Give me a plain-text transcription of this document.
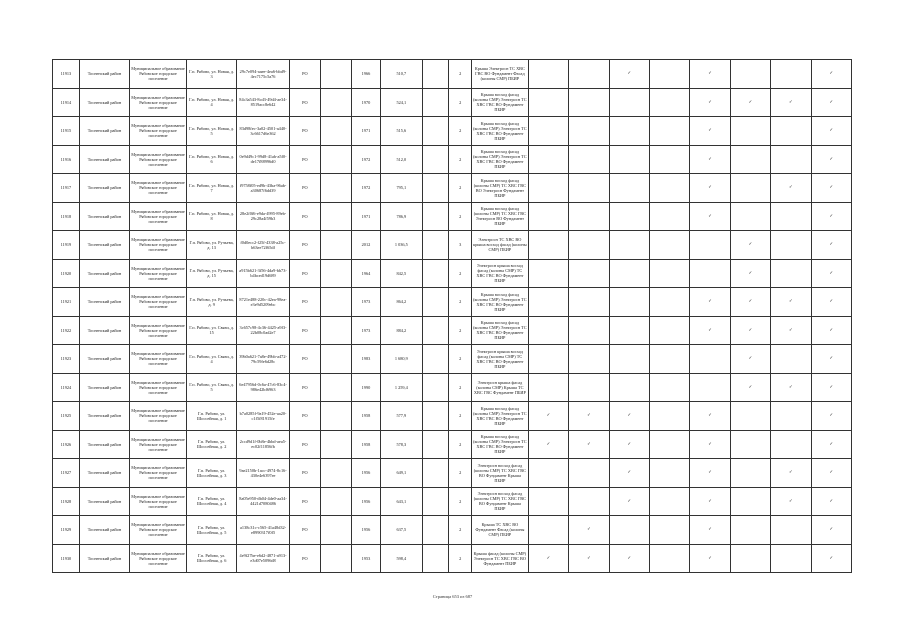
11913	Тосненский район	Муниципальное образование Рябовское городское поселение	Г.п. Рябово, ул. Новая, д. 3	29c7e094-aaee-4ea6-bbd9-4ec7175c5a76	РО		1966	510,7		2	Крыша Электросн ТС ХВС ГВС ВО Фундамент Фасад (колоны СМР) ПБИР			✓		✓			✓
11914	Тосненский район	Муниципальное образование Рябовское городское поселение	Г.п. Рябово, ул. Новая, д. 4	84c3a543-8cd3-49d4-ae34-8519acc8e642	РО		1970	524,1		2	Крыша восход фасад (колоны СМР) Электросн ТС ХВС ГВС ВО Фундамент ПБИР					✓	✓	✓	✓
11915	Тосненский район	Муниципальное образование Рябовское городское поселение	Г.п. Рябово, ул. Новая, д. 5	83d98fec-3a02-4501-a440-3c6617d6e362	РО		1971	515,6		2	Крыша восход фасад (колоны СМР) Электросн ТС ХВС ГВС ВО Фундамент ПБИР					✓			✓
11916	Тосненский район	Муниципальное образование Рябовское городское поселение	Г.п. Рябово, ул. Новая, д. 6	0e9d49c1-99d8-41ab-a5f0-de17f88996d0	РО		1972	512,0		2	Крыша восход фасад (колоны СМР) Электросн ТС ХВС ГВС ВО Фундамент ПБИР					✓			✓
11917	Тосненский район	Муниципальное образование Рябовское городское поселение	Г.п. Рябово, ул. Новая, д. 7	f9758f05-ed9b-43ba-96ab-a30687f6dd39	РО		1972	795,1		2	Крыша восход фасад (колоны СМР) ТС ХВС ГВС ВО Электросн Фундамент ПБИР					✓		✓	✓
11918	Тосненский район	Муниципальное образование Рябовское городское поселение	Г.п. Рябово, ул. Новая, д. 8	28e2f0f6-e9da-4995-89eb-29c28a4f59b3	РО		1971	786,9		2	Крыша восход фасад (колоны СМР) ТС ХВС ГВС Электросн ВО Фундамент ПБИР					✓			✓
11919	Тосненский район	Муниципальное образование Рябовское городское поселение	Г.п. Рябово, ул. Ручьева, д. 13	f0d0ecc2-f25f-4338-a25c-b63ee72f65df	РО		2012	1 036,5		3	Электросн ТС ХВС ВО крыша восход фасад (колоны СМР) ПБИР						✓		✓
11920	Тосненский район	Муниципальное образование Рябовское городское поселение	Г.п. Рябово, ул. Ручьева, д. 15	a915b621-3f56-4da9-bb73-b4bced19d689	РО		1964	842,5		2	Электросн крыша восход фасад (колоны СМР) ТС ХВС ГВС ВО Фундамент ПБИР						✓		✓
11921	Тосненский район	Муниципальное образование Рябовское городское поселение	Г.п. Рябово, ул. Ручьева, д. 9	8721e488-220c-42ea-98ea-e3e9d5209ebc	РО		1973	864,2		2	Крыша восход фасад (колоны СМР) Электросн ТС ХВС ГВС ВО Фундамент ПБИР					✓	✓	✓	✓
11922	Тосненский район	Муниципальное образование Рябовское городское поселение	Г.п. Рябово, ул. Связи, д. 15	3c657c98-4c36-4425-a9f3-22b08c0ad2e7	РО		1973	884,2		2	Крыша восход фасад (колоны СМР) Электросн ТС ХВС ГВС ВО Фундамент ПБИР					✓	✓	✓	✓
11923	Тосненский район	Муниципальное образование Рябовское городское поселение	Г.п. Рябово, ул. Связи, д. 4	39b0a621-7a8e-49bb-a472-79c59fe6d28c	РО		1983	1 680,9		2	Электросн крыша восход фасад (колоны СМР) ТС ХВС ГВС ВО Фундамент ПБИР						✓		✓
11924	Тосненский район	Муниципальное образование Рябовское городское поселение	Г.п. Рябово, ул. Связи, д. 5	6e47956d-0c6a-47c6-83c4-986e42bf6963	РО		1990	1 259,4		2	Электросн крыша фасад (колоны СМР) Крыша ТС ХВС ГВС Фундамент ПБИР						✓	✓	✓
11925	Тосненский район	Муниципальное образование Рябовское городское поселение	Г.п. Рябово, ул. Шоссейная, д. 1	b7a0285f-9a19-452e-aa20-c1f5f81915fe	РО		1958	577,9		2	Крыша восход фасад (колоны СМР) Электросн ТС ХВС ГВС ВО Фундамент ПБИР	✓	✓	✓		✓			✓
11926	Тосненский район	Муниципальное образование Рябовское городское поселение	Г.п. Рябово, ул. Шоссейная, д. 2	2ccd9d1f-0b8e-4bbd-aea5-ec02f11856fb	РО		1958	578,3		2	Крыша восход фасад (колоны СМР) Электросн ТС ХВС ГВС ВО Фундамент ПБИР	✓	✓	✓		✓			✓
11927	Тосненский район	Муниципальное образование Рябовское городское поселение	Г.п. Рябово, ул. Шоссейная, д. 3	9ae2150b-1acc-4974-8c16-430e4e6397ee	РО		1956	649,1		2	Электросн восход фасад (колоны СМР) ТС ХВС ГВС ВО Фундамент Крыша ПБИР			✓		✓		✓	✓
11928	Тосненский район	Муниципальное образование Рябовское городское поселение	Г.п. Рябово, ул. Шоссейная, д. 4	8a05e950-db04-4de0-aa34-4421d7080486	РО		1956	643,1		2	Электросн восход фасад (колоны СМР) ТС ХВС ГВС ВО Фундамент Крыша ПБИР			✓		✓		✓	✓
11929	Тосненский район	Муниципальное образование Рябовское городское поселение	Г.п. Рябово, ул. Шоссейная, д. 5	a138c31c-c565-41a48d32-e8990317f0f5	РО		1956	637,5		2	Крыша ТС ХВС ВО Фундамент Фасад (колоны СМР) ПБИР		✓			✓			✓
11930	Тосненский район	Муниципальное образование Рябовское городское поселение	Г.п. Рябово, ул. Шоссейная, д. 6	4e9f27be-e6d2-4871-a913-e3d07e5096d8	РО		1953	598,4		2	Крыша фасад (колоны СМР) Электросн ТС ХВС ГВС ВО Фундамент ПБИР	✓	✓	✓		✓			✓
Страница 653 из 687
